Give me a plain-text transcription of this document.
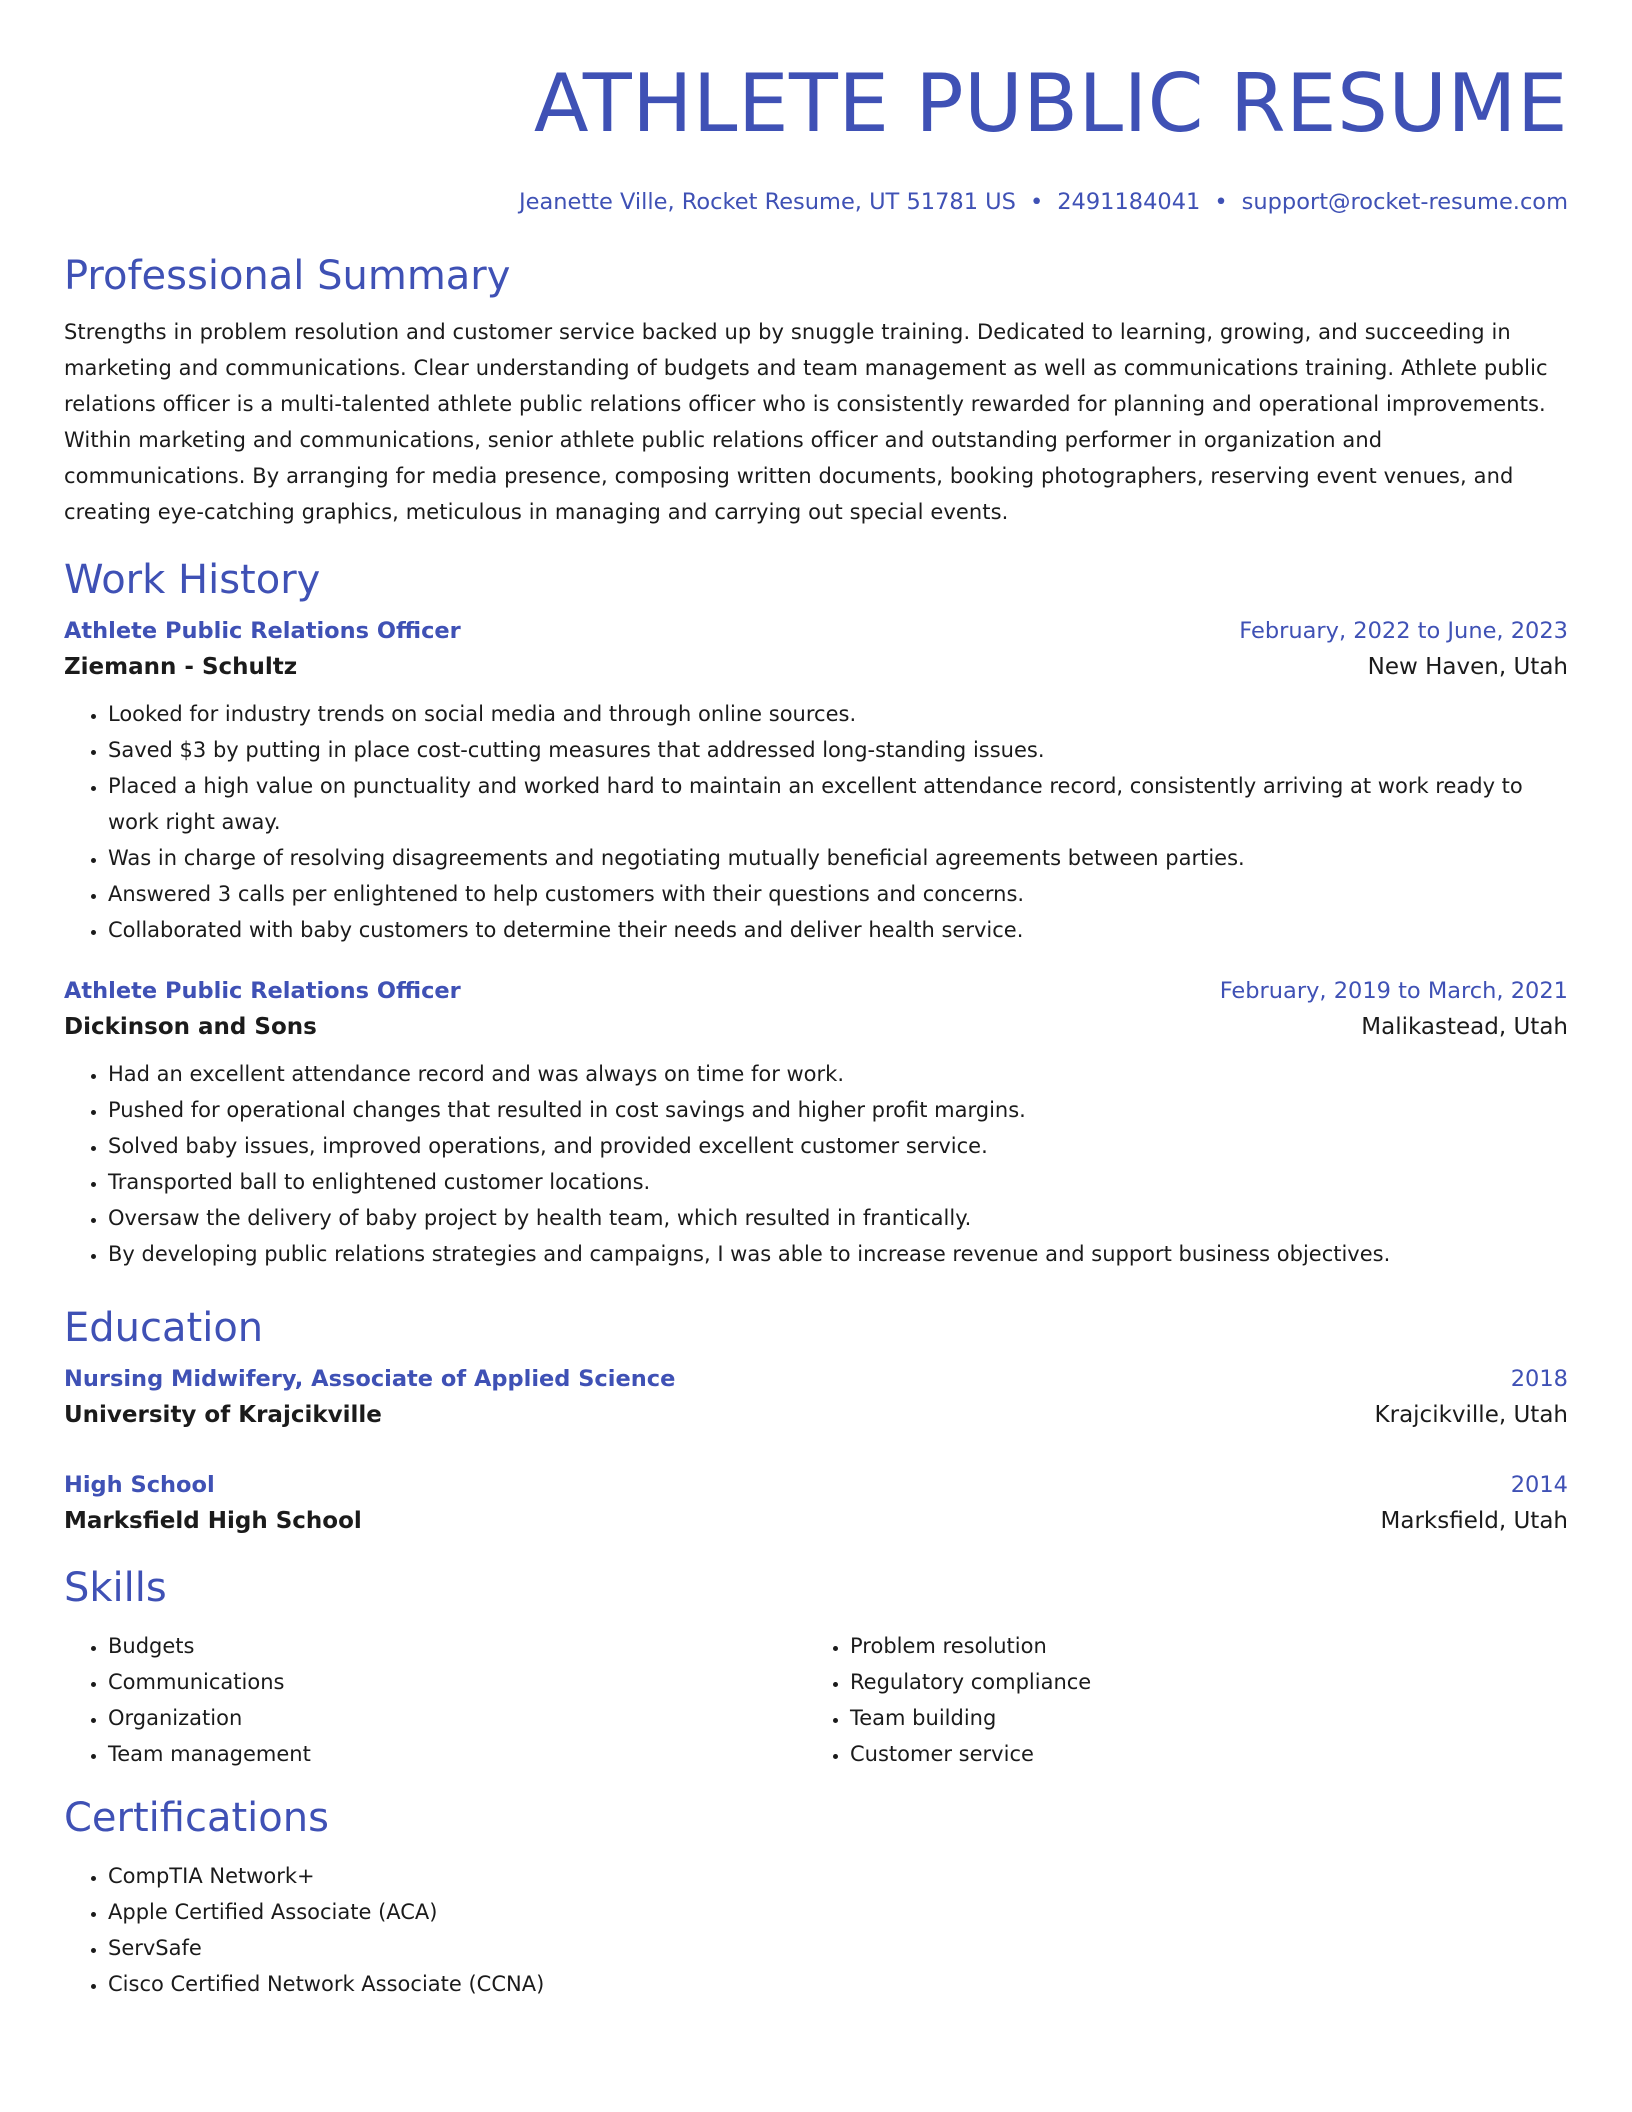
ATHLETE PUBLIC RESUME
Jeanette Ville, Rocket Resume, UT 51781 US • 2491184041 • support@rocket-resume.com
Professional Summary

Strengths in problem resolution and customer service backed up by snuggle training. Dedicated to learning, growing, and succeeding in marketing and communications. Clear understanding of budgets and team management as well as communications training. Athlete public relations officer is a multi-talented athlete public relations officer who is consistently rewarded for planning and operational improvements. Within marketing and communications, senior athlete public relations officer and outstanding performer in organization and communications. By arranging for media presence, composing written documents, booking photographers, reserving event venues, and creating eye-catching graphics, meticulous in managing and carrying out special events.

Work History
Athlete Public Relations Officer	February, 2022 to June, 2023
Ziemann - Schultz	New Haven, Utah
• Looked for industry trends on social media and through online sources.
• Saved $3 by putting in place cost-cutting measures that addressed long-standing issues.
• Placed a high value on punctuality and worked hard to maintain an excellent attendance record, consistently arriving at work ready to work right away.
• Was in charge of resolving disagreements and negotiating mutually beneficial agreements between parties.
• Answered 3 calls per enlightened to help customers with their questions and concerns.
• Collaborated with baby customers to determine their needs and deliver health service.
Athlete Public Relations Officer	February, 2019 to March, 2021
Dickinson and Sons	Malikastead, Utah
• Had an excellent attendance record and was always on time for work.
• Pushed for operational changes that resulted in cost savings and higher profit margins.
• Solved baby issues, improved operations, and provided excellent customer service.
• Transported ball to enlightened customer locations.
• Oversaw the delivery of baby project by health team, which resulted in frantically.
• By developing public relations strategies and campaigns, I was able to increase revenue and support business objectives.
Education
Nursing Midwifery, Associate of Applied Science	2018
University of Krajcikville	Krajcikville, Utah
High School	2014
Marksfield High School	Marksfield, Utah
Skills
• Budgets
• Communications
• Organization
• Team management
• Problem resolution
• Regulatory compliance
• Team building
• Customer service
Certifications
• CompTIA Network+
• Apple Certified Associate (ACA)
• ServSafe
• Cisco Certified Network Associate (CCNA)
